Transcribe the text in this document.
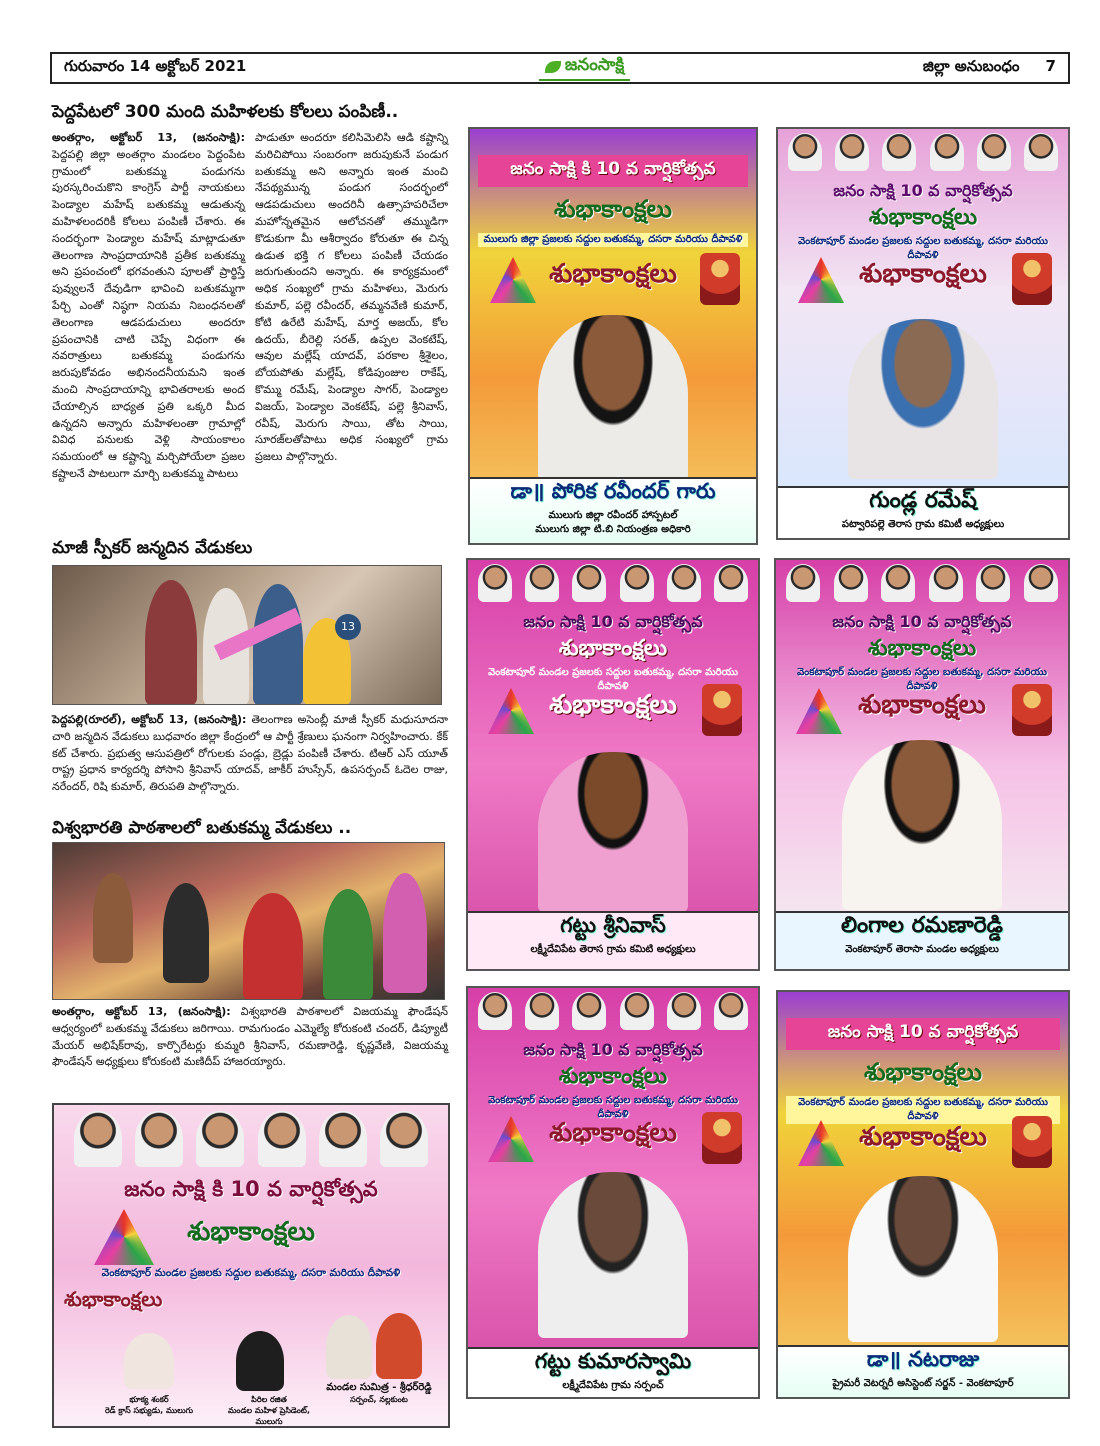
గురువారం 14 అక్టోబర్ 2021	జనంసాక్షి	జిల్లా అనుబంధం 7
పెద్దపేటలో 300 మంది మహిళలకు కోలలు పంపిణీ..

అంతర్గాం, అక్టోబర్ 13, (జనంసాక్షి): పెద్దపల్లి జిల్లా అంతర్గాం మండలం పెద్దంపేట గ్రామంలో బతుకమ్మ పండుగను పురస్కరించుకొని కాంగ్రెస్ పార్టీ నాయకులు పెండ్యాల మహేష్ బతుకమ్మ ఆడుతున్న మహిళలందరికీ కోలలు పంపిణీ చేశారు. ఈ సందర్భంగా పెండ్యాల మహేష్ మాట్లాడుతూ తెలంగాణ సాంప్రదాయానికి ప్రతీక బతుకమ్మ అని ప్రపంచంలో భగవంతుని పూలతో ప్రార్థిస్తే పువ్వులనే దేవుడిగా భావించి బతుకమ్మగా పేర్చి ఎంతో నిష్ఠగా నియమ నిబంధనలతో తెలంగాణ ఆడపడుచులు అందరూ ప్రపంచానికి చాటి చెప్పే విధంగా ఈ నవరాత్రులు బతుకమ్మ పండుగను జరుపుకోవడం అభినందనీయమని ఇంత మంచి సాంప్రదాయాన్ని భావితరాలకు అంద చేయాల్సిన బాధ్యత ప్రతి ఒక్కరి మీద ఉన్నదని అన్నారు మహిళలంతా గ్రామాల్లో వివిధ పనులకు వెళ్లి సాయంకాలం సమయంలో ఆ కష్టాన్ని మర్చిపోయేలా ప్రజల కష్టాలనే పాటలుగా మార్చి బతుకమ్మ పాటలు

పాడుతూ అందరూ కలిసిమెలిసి ఆడి కష్టాన్ని మరిచిపోయి సంబరంగా జరుపుకునే పండుగ బతుకమ్మ అని అన్నారు ఇంత మంచి నేపథ్యమున్న పండుగ సందర్భంలో ఆడపడుచులు అందరినీ ఉత్సాహపరిచేలా మహోన్నతమైన ఆలోచనతో తమ్ముడిగా కొడుకుగా మీ ఆశీర్వాదం కోరుతూ ఈ చిన్న ఉడుత భక్తి గ కోలలు పంపిణీ చేయడం జరుగుతుందని అన్నారు. ఈ కార్యక్రమంలో అధిక సంఖ్యలో గ్రామ మహిళలు, మెరుగు కుమార్, పల్లె రవీందర్, తమ్మనవేణి కుమార్, కోటి ఉరేటి మహేష్, మార్త అజయ్, కోల ఉదయ్, బీరెల్లి సరత్, ఉప్పల వెంకటేష్, ఆవుల మల్లేష్ యాదవ్, పరకాల శ్రీశైలం, బోయపోతు మల్లేష్, కోడిపుంజుల రాకేష్, కొమ్ము రమేష్, పెండ్యాల సాగర్, పెండ్యాల విజయ్, పెండ్యాల వెంకటేష్, పల్లె శ్రీనివాస్, రవీష్, మెరుగు సాయి, తోట సాయి, సూరజ్‌లతోపాటు అధిక సంఖ్యలో గ్రామ ప్రజలు పాల్గొన్నారు.

మాజీ స్పీకర్ జన్మదిన వేడుకలు
13
పెద్దపల్లి(రూరల్), అక్టోబర్ 13, (జనంసాక్షి): తెలంగాణ అసెంబ్లీ మాజీ స్పీకర్ మధుసూదనా చారి జన్మదిన వేడుకలు బుధవారం జిల్లా కేంద్రంలో ఆ పార్టీ శ్రేణులు ఘనంగా నిర్వహించారు. కేక్ కట్ చేశారు. ప్రభుత్వ ఆసుపత్రిలో రోగులకు పండ్లు, బ్రెడ్లు పంపిణీ చేశారు. టిఆర్ ఎస్ యూత్ రాష్ట్ర ప్రధాన కార్యదర్శి పోసాని శ్రీనివాస్ యాదవ్, జాకీర్ హుస్సేన్, ఉపసర్పంచ్ ఓదెల రాజు, నరేందర్, రిషి కుమార్, తిరుపతి పాల్గొన్నారు.
విశ్వభారతి పాఠశాలలో బతుకమ్మ వేడుకలు ..
అంతర్గాం, అక్టోబర్ 13, (జనంసాక్షి): విశ్వభారతి పాఠశాలలో విజయమ్మ ఫౌండేషన్ ఆధ్వర్యంలో బతుకమ్మ వేడుకలు జరిగాయి. రామగుండం ఎమ్మెల్యే కోరుకంటి చందర్, డిప్యూటీ మేయర్ అభిషేక్‌రావు, కార్పొరేటర్లు కుమ్మరి శ్రీనివాస్, రమణారెడ్డి, కృష్ణవేణి, విజయమ్మ ఫౌండేషన్ అధ్యక్షులు కోరుకంటి మణిదీప్ హాజరయ్యారు.
జనం సాక్షి కి 10 వ వార్షికోత్సవ
శుభాకాంక్షలు
వెంకటాపూర్ మండల ప్రజలకు సద్దుల బతుకమ్మ, దసరా మరియు దీపావళి
శుభాకాంక్షలు
భూక్య శంకర్
రెడ్ క్రాస్ సభ్యుడు, ములుగు
పిరిల రజిత
మండల మహిళ ప్రెసిడెంట్, ములుగు
మండల సుమిత్ర - శ్రీధర్‌రెడ్డి
సర్పంచ్, నల్లకుంట
జనం సాక్షి కి 10 వ వార్షికోత్సవ
శుభాకాంక్షలు
ములుగు జిల్లా ప్రజలకు సద్దుల బతుకమ్మ, దసరా మరియు దీపావళి
శుభాకాంక్షలు
డా॥ పోరిక రవీందర్ గారు
ములుగు జిల్లా రవీందర్ హాస్పటల్
ములుగు జిల్లా టి.బి నియంత్రణ అధికారి
జనం సాక్షి 10 వ వార్షికోత్సవ
శుభాకాంక్షలు
వెంకటాపూర్ మండల ప్రజలకు సద్దుల బతుకమ్మ, దసరా మరియు దీపావళి
శుభాకాంక్షలు
గుండ్ల రమేష్
పట్వారిపల్లె తెరాస గ్రామ కమిటీ అధ్యక్షులు
జనం సాక్షి 10 వ వార్షికోత్సవ
శుభాకాంక్షలు
వెంకటాపూర్ మండల ప్రజలకు సద్దుల బతుకమ్మ, దసరా మరియు దీపావళి
శుభాకాంక్షలు
గట్టు శ్రీనివాస్
లక్ష్మీదేవిపేట తెరాస గ్రామ కమిటి అధ్యక్షులు
జనం సాక్షి 10 వ వార్షికోత్సవ
శుభాకాంక్షలు
వెంకటాపూర్ మండల ప్రజలకు సద్దుల బతుకమ్మ, దసరా మరియు దీపావళి
శుభాకాంక్షలు
లింగాల రమణారెడ్డి
వెంకటాపూర్ తెరాసా మండల అధ్యక్షులు
జనం సాక్షి 10 వ వార్షికోత్సవ
శుభాకాంక్షలు
వెంకటాపూర్ మండల ప్రజలకు సద్దుల బతుకమ్మ, దసరా మరియు దీపావళి
శుభాకాంక్షలు
గట్టు కుమారస్వామి
లక్ష్మీదేవిపేట గ్రామ సర్పంచ్
జనం సాక్షి 10 వ వార్షికోత్సవ
శుభాకాంక్షలు
వెంకటాపూర్ మండల ప్రజలకు సద్దుల బతుకమ్మ, దసరా మరియు దీపావళి
శుభాకాంక్షలు
డా॥ నటరాజు
ప్రైమరీ వెటర్నరీ అసిస్టెంట్ సర్జన్ - వెంకటాపూర్
